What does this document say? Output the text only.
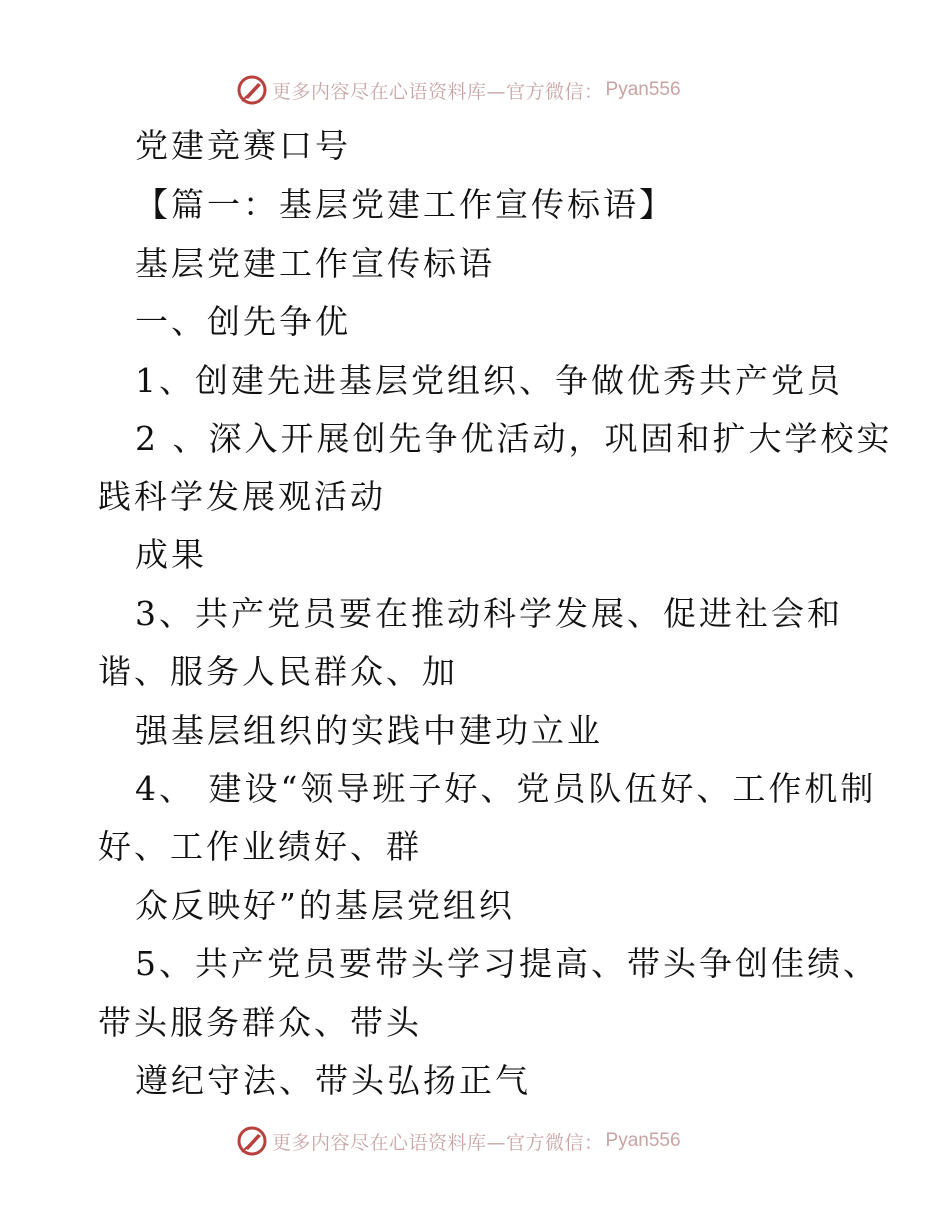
更多内容尽在心语资料库—官方微信： Pyan556
党建竞赛口号
【篇一：基层党建工作宣传标语】
基层党建工作宣传标语
一、创先争优
1、创建先进基层党组织、争做优秀共产党员
2 、深入开展创先争优活动，巩固和扩大学校实
践科学发展观活动
成果
3、共产党员要在推动科学发展、促进社会和
谐、服务人民群众、加
强基层组织的实践中建功立业
4、 建设“领导班子好、党员队伍好、工作机制
好、工作业绩好、群
众反映好”的基层党组织
5、共产党员要带头学习提高、带头争创佳绩、
带头服务群众、带头
遵纪守法、带头弘扬正气
更多内容尽在心语资料库—官方微信： Pyan556
